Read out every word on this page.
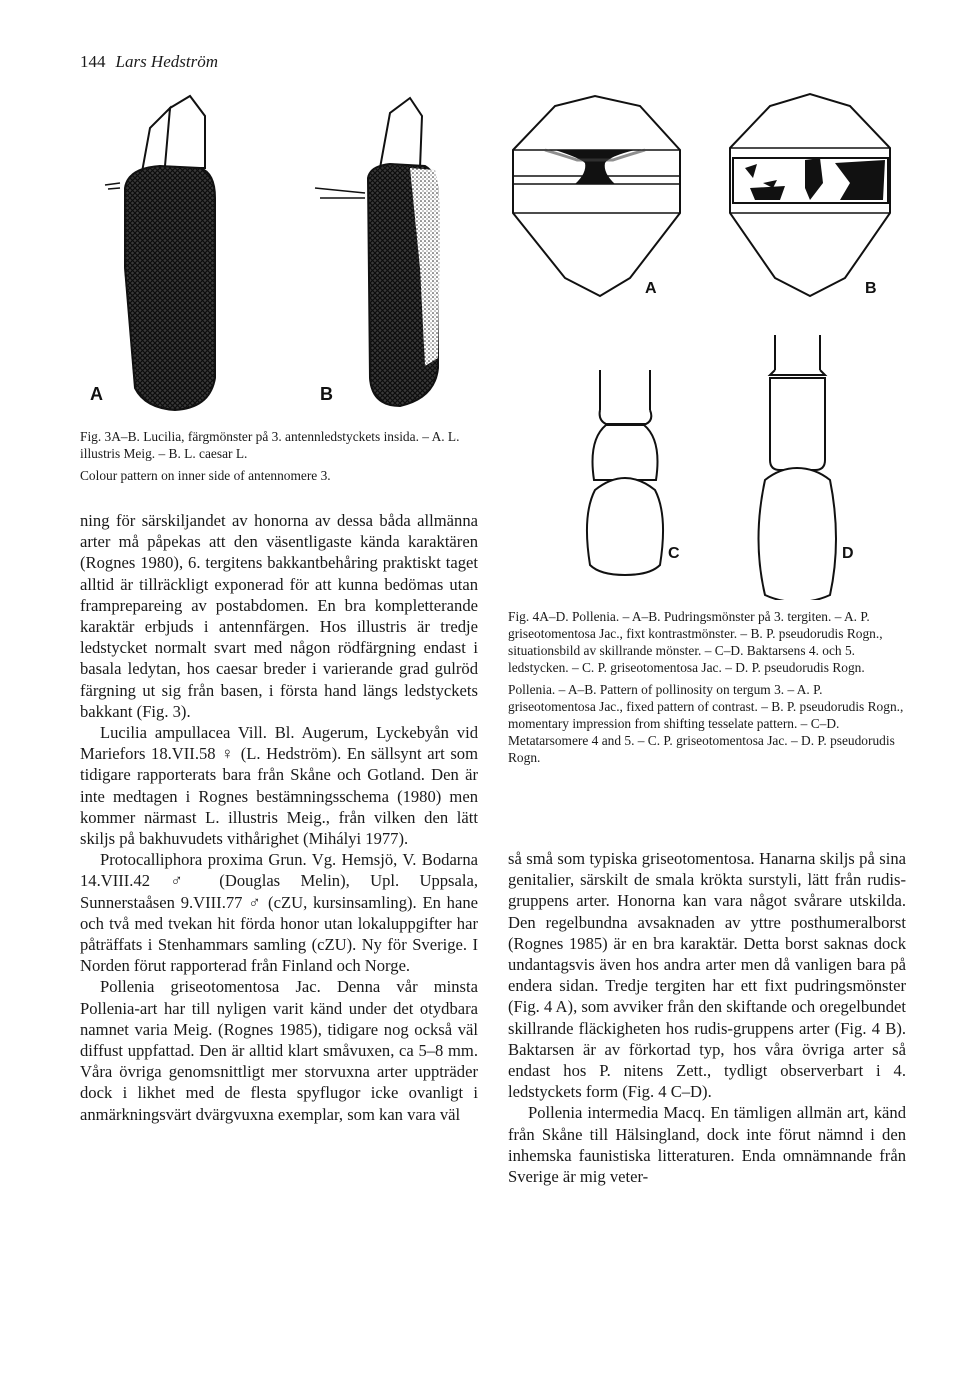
144 Lars Hedström
A	B

Fig. 3A–B. Lucilia, färgmönster på 3. antennledstyckets insida. – A. L. illustris Meig. – B. L. caesar L.

Colour pattern on inner side of antennomere 3.

A	B
C	D

Fig. 4A–D. Pollenia. – A–B. Pudringsmönster på 3. tergiten. – A. P. griseotomentosa Jac., fixt kontrastmönster. – B. P. pseudorudis Rogn., situationsbild av skillrande mönster. – C–D. Baktarsens 4. och 5. ledstycken. – C. P. griseotomentosa Jac. – D. P. pseudorudis Rogn.

Pollenia. – A–B. Pattern of pollinosity on tergum 3. – A. P. griseotomentosa Jac., fixed pattern of contrast. – B. P. pseudorudis Rogn., momentary impression from shifting tesselate pattern. – C–D. Metatarsomere 4 and 5. – C. P. griseotomentosa Jac. – D. P. pseudorudis Rogn.

ning för särskiljandet av honorna av dessa båda allmänna arter må påpekas att den väsentligaste kända karaktären (Rognes 1980), 6. tergitens bakkantbehåring praktiskt taget alltid är tillräckligt exponerad för att kunna bedömas utan framprepareing av postabdomen. En bra kompletterande karaktär erbjuds i antennfärgen. Hos illustris är tredje ledstycket normalt svart med någon rödfärgning endast i basala ledytan, hos caesar breder i varierande grad gulröd färgning ut sig från basen, i första hand längs ledstyckets bakkant (Fig. 3).

Lucilia ampullacea Vill. Bl. Augerum, Lyckebyån vid Mariefors 18.VII.58 ♀ (L. Hedström). En sällsynt art som tidigare rapporterats bara från Skåne och Gotland. Den är inte medtagen i Rognes bestämningsschema (1980) men kommer närmast L. illustris Meig., från vilken den lätt skiljs på bakhuvudets vithårighet (Mihályi 1977).

Protocalliphora proxima Grun. Vg. Hemsjö, V. Bodarna 14.VIII.42 ♂ (Douglas Melin), Upl. Uppsala, Sunnerstaåsen 9.VIII.77 ♂ (cZU, kursinsamling). En hane och två med tvekan hit förda honor utan lokaluppgifter har påträffats i Stenhammars samling (cZU). Ny för Sverige. I Norden förut rapporterad från Finland och Norge.

Pollenia griseotomentosa Jac. Denna vår minsta Pollenia-art har till nyligen varit känd under det otydbara namnet varia Meig. (Rognes 1985), tidigare nog också väl diffust uppfattad. Den är alltid klart småvuxen, ca 5–8 mm. Våra övriga genomsnittligt mer storvuxna arter uppträder dock i likhet med de flesta spyflugor icke ovanligt i anmärkningsvärt dvärgvuxna exemplar, som kan vara väl

så små som typiska griseotomentosa. Hanarna skiljs på sina genitalier, särskilt de smala krökta surstyli, lätt från rudis-gruppens arter. Honorna kan vara något svårare utskilda. Den regelbundna avsaknaden av yttre posthumeralborst (Rognes 1985) är en bra karaktär. Detta borst saknas dock undantagsvis även hos andra arter men då vanligen bara på endera sidan. Tredje tergiten har ett fixt pudringsmönster (Fig. 4 A), som avviker från den skiftande och oregelbundet skillrande fläckigheten hos rudis-gruppens arter (Fig. 4 B). Baktarsen är av förkortad typ, hos våra övriga arter så endast hos P. nitens Zett., tydligt observerbart i 4. ledstyckets form (Fig. 4 C–D).

Pollenia intermedia Macq. En tämligen allmän art, känd från Skåne till Hälsingland, dock inte förut nämnd i den inhemska faunistiska litteraturen. Enda omnämnande från Sverige är mig veter-
